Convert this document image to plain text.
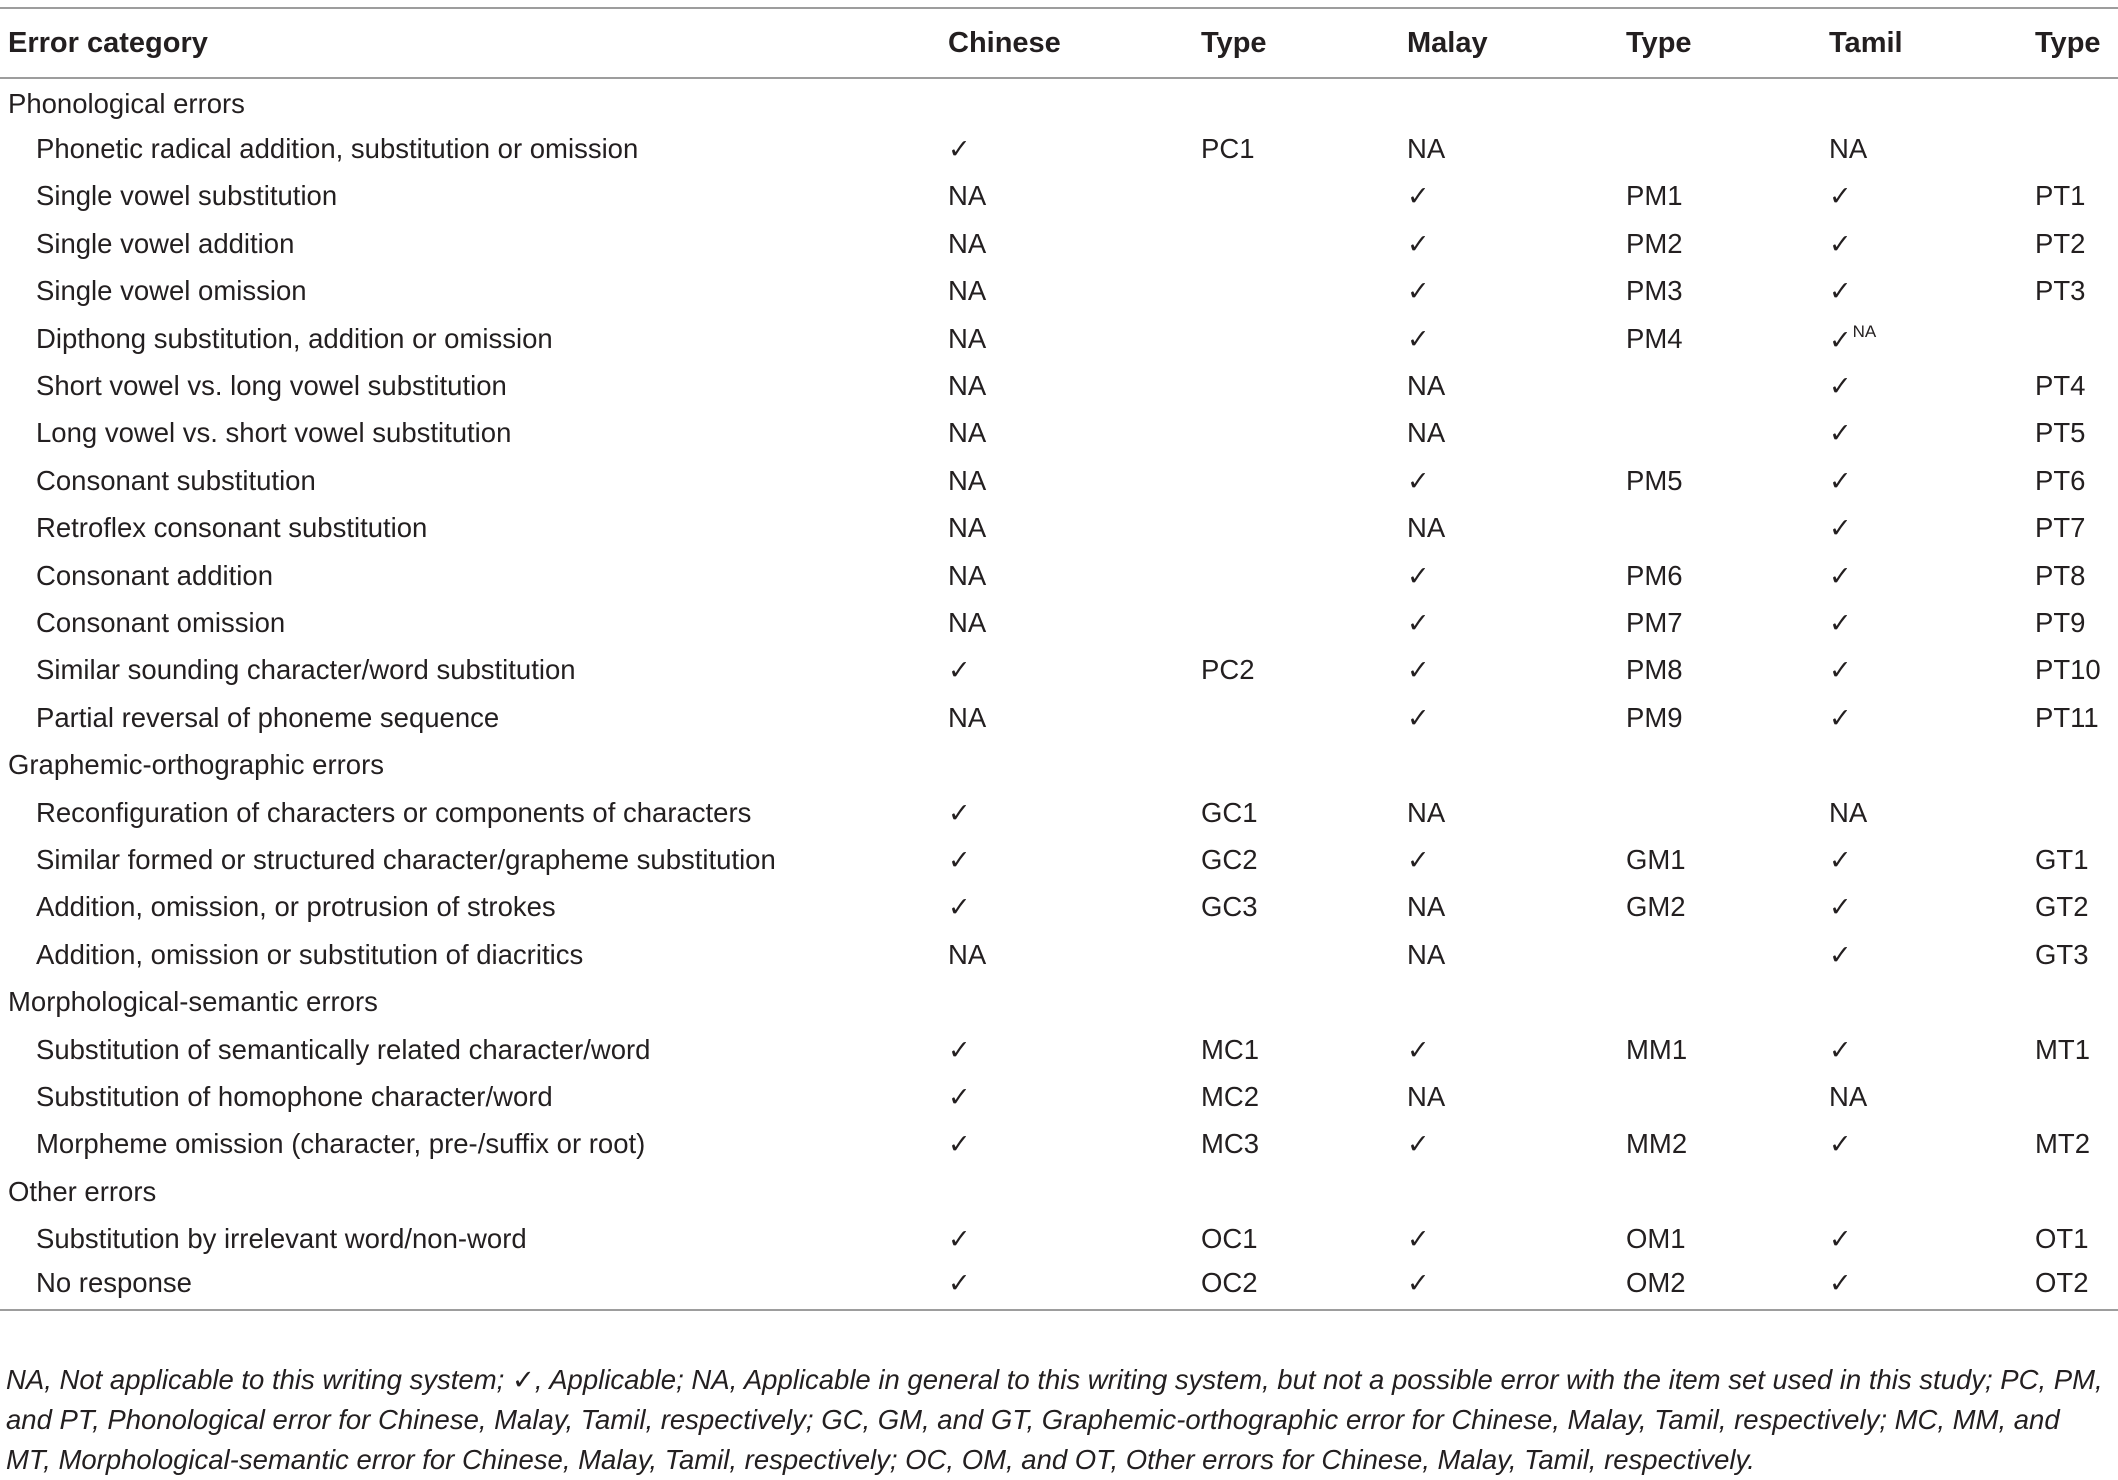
Error category	Chinese	Type	Malay	Type	Tamil	Type
Phonological errors						
Phonetic radical addition, substitution or omission	✓	PC1	NA		NA	
Single vowel substitution	NA		✓	PM1	✓	PT1
Single vowel addition	NA		✓	PM2	✓	PT2
Single vowel omission	NA		✓	PM3	✓	PT3
Dipthong substitution, addition or omission	NA		✓	PM4	✓$^{NA}$	
Short vowel vs. long vowel substitution	NA		NA		✓	PT4
Long vowel vs. short vowel substitution	NA		NA		✓	PT5
Consonant substitution	NA		✓	PM5	✓	PT6
Retroflex consonant substitution	NA		NA		✓	PT7
Consonant addition	NA		✓	PM6	✓	PT8
Consonant omission	NA		✓	PM7	✓	PT9
Similar sounding character/word substitution	✓	PC2	✓	PM8	✓	PT10
Partial reversal of phoneme sequence	NA		✓	PM9	✓	PT11
Graphemic-orthographic errors						
Reconfiguration of characters or components of characters	✓	GC1	NA		NA	
Similar formed or structured character/grapheme substitution	✓	GC2	✓	GM1	✓	GT1
Addition, omission, or protrusion of strokes	✓	GC3	NA	GM2	✓	GT2
Addition, omission or substitution of diacritics	NA		NA		✓	GT3
Morphological-semantic errors						
Substitution of semantically related character/word	✓	MC1	✓	MM1	✓	MT1
Substitution of homophone character/word	✓	MC2	NA		NA	
Morpheme omission (character, pre-/suffix or root)	✓	MC3	✓	MM2	✓	MT2
Other errors						
Substitution by irrelevant word/non-word	✓	OC1	✓	OM1	✓	OT1
No response	✓	OC2	✓	OM2	✓	OT2
NA, Not applicable to this writing system; ✓, Applicable; NA, Applicable in general to this writing system, but not a possible error with the item set used in this study; PC, PM, and PT, Phonological error for Chinese, Malay, Tamil, respectively; GC, GM, and GT, Graphemic-orthographic error for Chinese, Malay, Tamil, respectively; MC, MM, and MT, Morphological-semantic error for Chinese, Malay, Tamil, respectively; OC, OM, and OT, Other errors for Chinese, Malay, Tamil, respectively.
